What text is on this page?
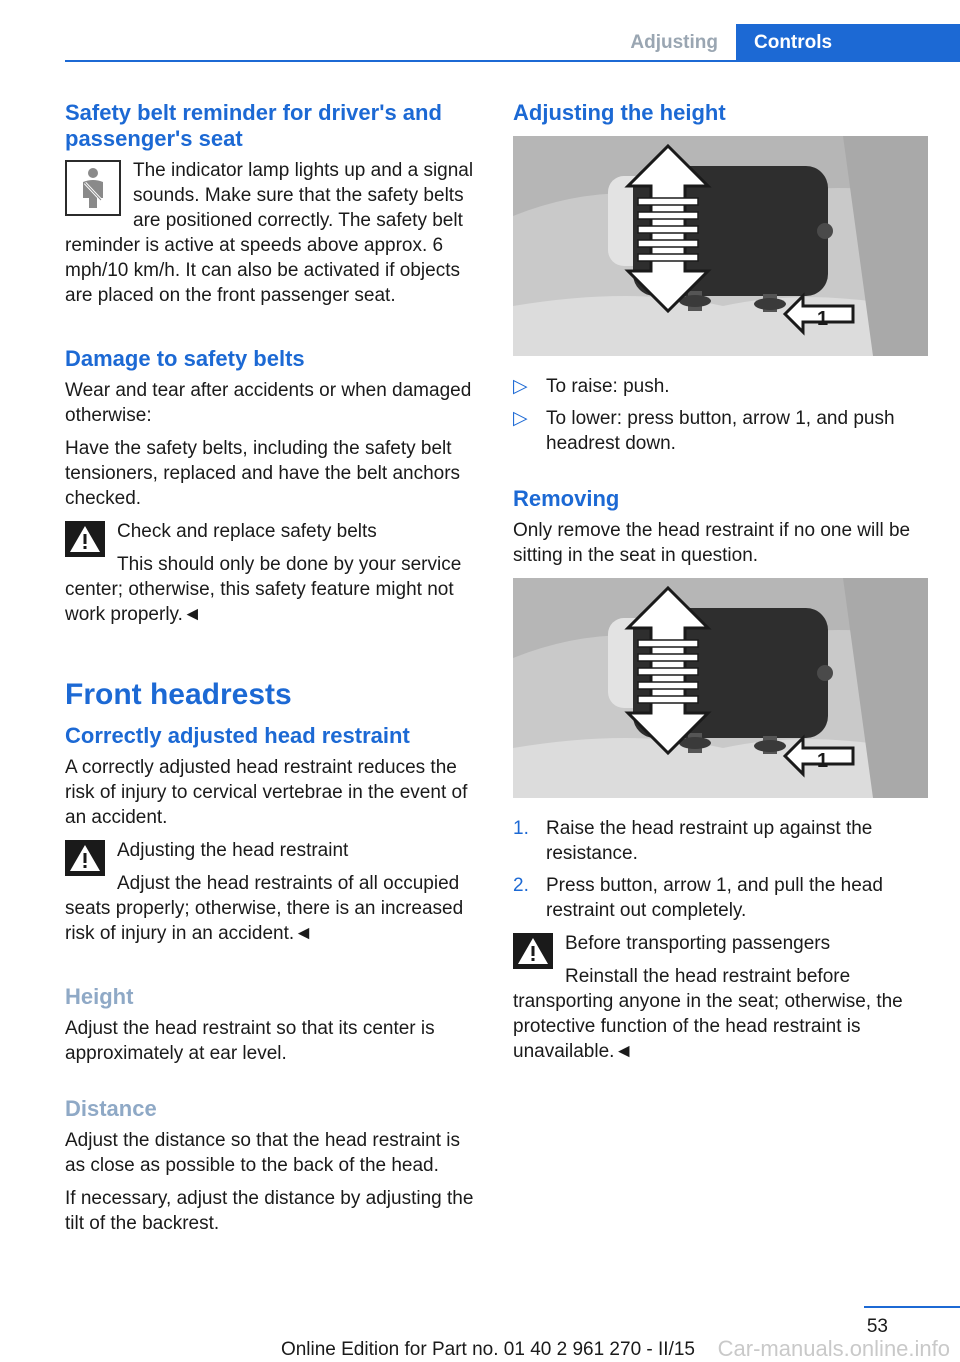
Adjusting	Controls
Safety belt reminder for driver's and passenger's seat

The indicator lamp lights up and a signal sounds. Make sure that the safety belts are positioned correctly. The safety belt reminder is active at speeds above approx. 6 mph/10 km/h. It can also be activated if objects are placed on the front passenger seat.

Damage to safety belts

Wear and tear after accidents or when damaged otherwise:

Have the safety belts, including the safety belt tensioners, replaced and have the belt anchors checked.

Check and replace safety belts

This should only be done by your service center; otherwise, this safety feature might not work properly.◄

Front headrests
Correctly adjusted head restraint

A correctly adjusted head restraint reduces the risk of injury to cervical vertebrae in the event of an accident.

Adjusting the head restraint

Adjust the head restraints of all occupied seats properly; otherwise, there is an increased risk of injury in an accident.◄

Height

Adjust the head restraint so that its center is approximately at ear level.

Distance

Adjust the distance so that the head restraint is as close as possible to the back of the head.

If necessary, adjust the distance by adjusting the tilt of the backrest.

Adjusting the height
1
▷ To raise: push.
▷ To lower: press button, arrow 1, and push headrest down.
Removing

Only remove the head restraint if no one will be sitting in the seat in question.

1
1. Raise the head restraint up against the resistance.
2. Press button, arrow 1, and pull the head restraint out completely.

Before transporting passengers

Reinstall the head restraint before transporting anyone in the seat; otherwise, the protective function of the head restraint is unavailable.◄

53
Online Edition for Part no. 01 40 2 961 270 - II/15 Car-manuals.online.info
